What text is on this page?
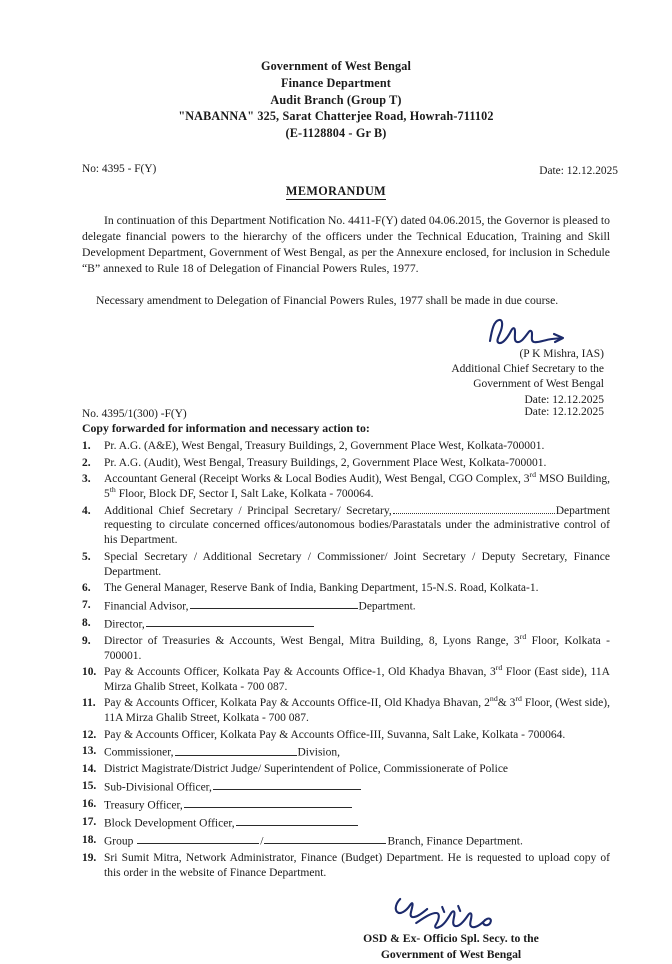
Government of West Bengal
Finance Department
Audit Branch (Group T)
"NABANNA" 325, Sarat Chatterjee Road, Howrah-711102
(E-1128804 - Gr B)
No: 4395 - F(Y)	Date: 12.12.2025
MEMORANDUM

In continuation of this Department Notification No. 4411-F(Y) dated 04.06.2015, the Governor is pleased to delegate financial powers to the hierarchy of the officers under the Technical Education, Training and Skill Development Department, Government of West Bengal, as per the Annexure enclosed, for inclusion in Schedule “B” annexed to Rule 18 of Delegation of Financial Powers Rules, 1977.

Necessary amendment to Delegation of Financial Powers Rules, 1977 shall be made in due course.

(P K Mishra, IAS)
Additional Chief Secretary to the
Government of West Bengal
Date: 12.12.2025
No. 4395/1(300) -F(Y)	Date: 12.12.2025
Copy forwarded for information and necessary action to:
Pr. A.G. (A&E), West Bengal, Treasury Buildings, 2, Government Place West, Kolkata-700001.
Pr. A.G. (Audit), West Bengal, Treasury Buildings, 2, Government Place West, Kolkata-700001.
Accountant General (Receipt Works & Local Bodies Audit), West Bengal, CGO Complex, 3rd MSO Building, 5th Floor, Block DF, Sector I, Salt Lake, Kolkata - 700064.
Additional Chief Secretary / Principal Secretary/ Secretary,	Department requesting to circulate concerned offices/autonomous bodies/Parastatals under the administrative control of his Department.
Special Secretary / Additional Secretary / Commissioner/ Joint Secretary / Deputy Secretary, Finance Department.
The General Manager, Reserve Bank of India, Banking Department, 15-N.S. Road, Kolkata-1.
Financial Advisor,	Department.
Director,
Director of Treasuries & Accounts, West Bengal, Mitra Building, 8, Lyons Range, 3rd Floor, Kolkata - 700001.
Pay & Accounts Officer, Kolkata Pay & Accounts Office-1, Old Khadya Bhavan, 3rd Floor (East side), 11A Mirza Ghalib Street, Kolkata - 700 087.
Pay & Accounts Officer, Kolkata Pay & Accounts Office-II, Old Khadya Bhavan, 2nd& 3rd Floor, (West side), 11A Mirza Ghalib Street, Kolkata - 700 087.
Pay & Accounts Officer, Kolkata Pay & Accounts Office-III, Suvanna, Salt Lake, Kolkata - 700064.
Commissioner,	Division,
District Magistrate/District Judge/ Superintendent of Police, Commissionerate of Police
Sub-Divisional Officer,
Treasury Officer,
Block Development Officer,
Group	/	Branch, Finance Department.
Sri Sumit Mitra, Network Administrator, Finance (Budget) Department. He is requested to upload copy of this order in the website of Finance Department.
OSD & Ex- Officio Spl. Secy. to the
Government of West Bengal
